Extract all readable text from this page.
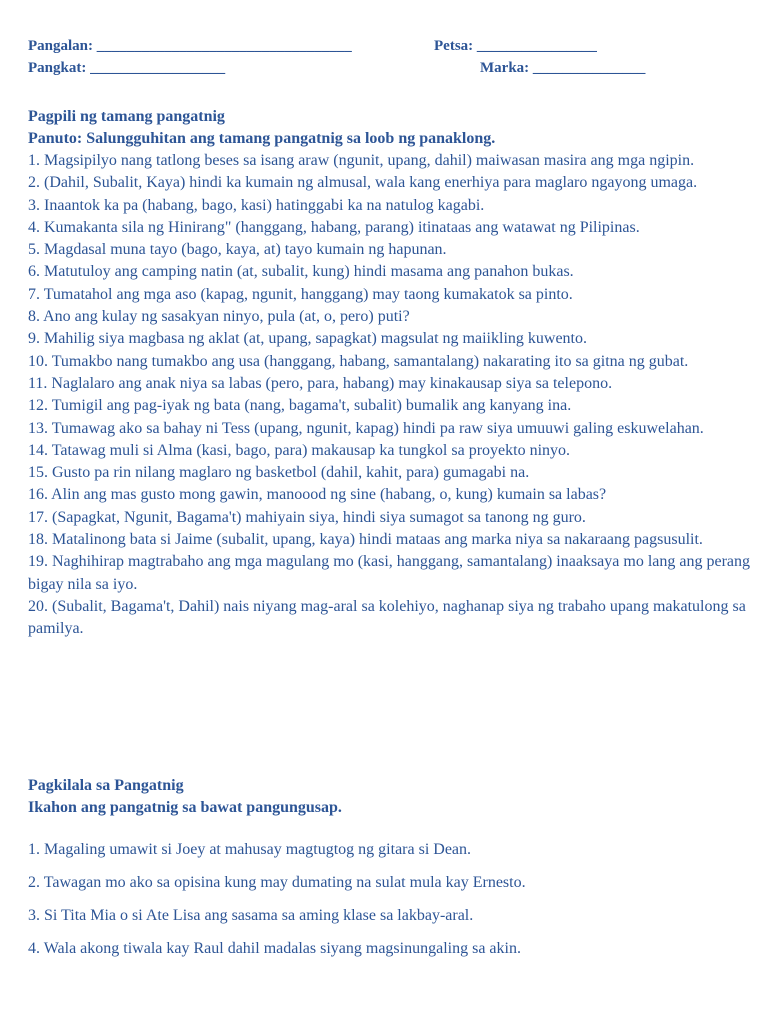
Pangalan: __________________________________	Petsa: ________________
Pangkat: __________________	Marka: _______________
Pagpili ng tamang pangatnig
Panuto: Salungguhitan ang tamang pangatnig sa loob ng panaklong.
1. Magsipilyo nang tatlong beses sa isang araw (ngunit, upang, dahil) maiwasan masira ang mga ngipin.
2. (Dahil, Subalit, Kaya) hindi ka kumain ng almusal, wala kang enerhiya para maglaro ngayong umaga.
3. Inaantok ka pa (habang, bago, kasi) hatinggabi ka na natulog kagabi.
4. Kumakanta sila ng Hinirang" (hanggang, habang, parang) itinataas ang watawat ng Pilipinas.
5. Magdasal muna tayo (bago, kaya, at) tayo kumain ng hapunan.
6. Matutuloy ang camping natin (at, subalit, kung) hindi masama ang panahon bukas.
7. Tumatahol ang mga aso (kapag, ngunit, hanggang) may taong kumakatok sa pinto.
8. Ano ang kulay ng sasakyan ninyo, pula (at, o, pero) puti?
9. Mahilig siya magbasa ng aklat (at, upang, sapagkat) magsulat ng maiikling kuwento.
10. Tumakbo nang tumakbo ang usa (hanggang, habang, samantalang) nakarating ito sa gitna ng gubat.
11. Naglalaro ang anak niya sa labas (pero, para, habang) may kinakausap siya sa telepono.
12. Tumigil ang pag-iyak ng bata (nang, bagama't, subalit) bumalik ang kanyang ina.
13. Tumawag ako sa bahay ni Tess (upang, ngunit, kapag) hindi pa raw siya umuuwi galing eskuwelahan.
14. Tatawag muli si Alma (kasi, bago, para) makausap ka tungkol sa proyekto ninyo.
15. Gusto pa rin nilang maglaro ng basketbol (dahil, kahit, para) gumagabi na.
16. Alin ang mas gusto mong gawin, manoood ng sine (habang, o, kung) kumain sa labas?
17. (Sapagkat, Ngunit, Bagama't) mahiyain siya, hindi siya sumagot sa tanong ng guro.
18. Matalinong bata si Jaime (subalit, upang, kaya) hindi mataas ang marka niya sa nakaraang pagsusulit.
19. Naghihirap magtrabaho ang mga magulang mo (kasi, hanggang, samantalang) inaaksaya mo lang ang perang bigay nila sa iyo.
20. (Subalit, Bagama't, Dahil) nais niyang mag-aral sa kolehiyo, naghanap siya ng trabaho upang makatulong sa pamilya.
Pagkilala sa Pangatnig
Ikahon ang pangatnig sa bawat pangungusap.
1. Magaling umawit si Joey at mahusay magtugtog ng gitara si Dean.
2. Tawagan mo ako sa opisina kung may dumating na sulat mula kay Ernesto.
3. Si Tita Mia o si Ate Lisa ang sasama sa aming klase sa lakbay-aral.
4. Wala akong tiwala kay Raul dahil madalas siyang magsinungaling sa akin.
